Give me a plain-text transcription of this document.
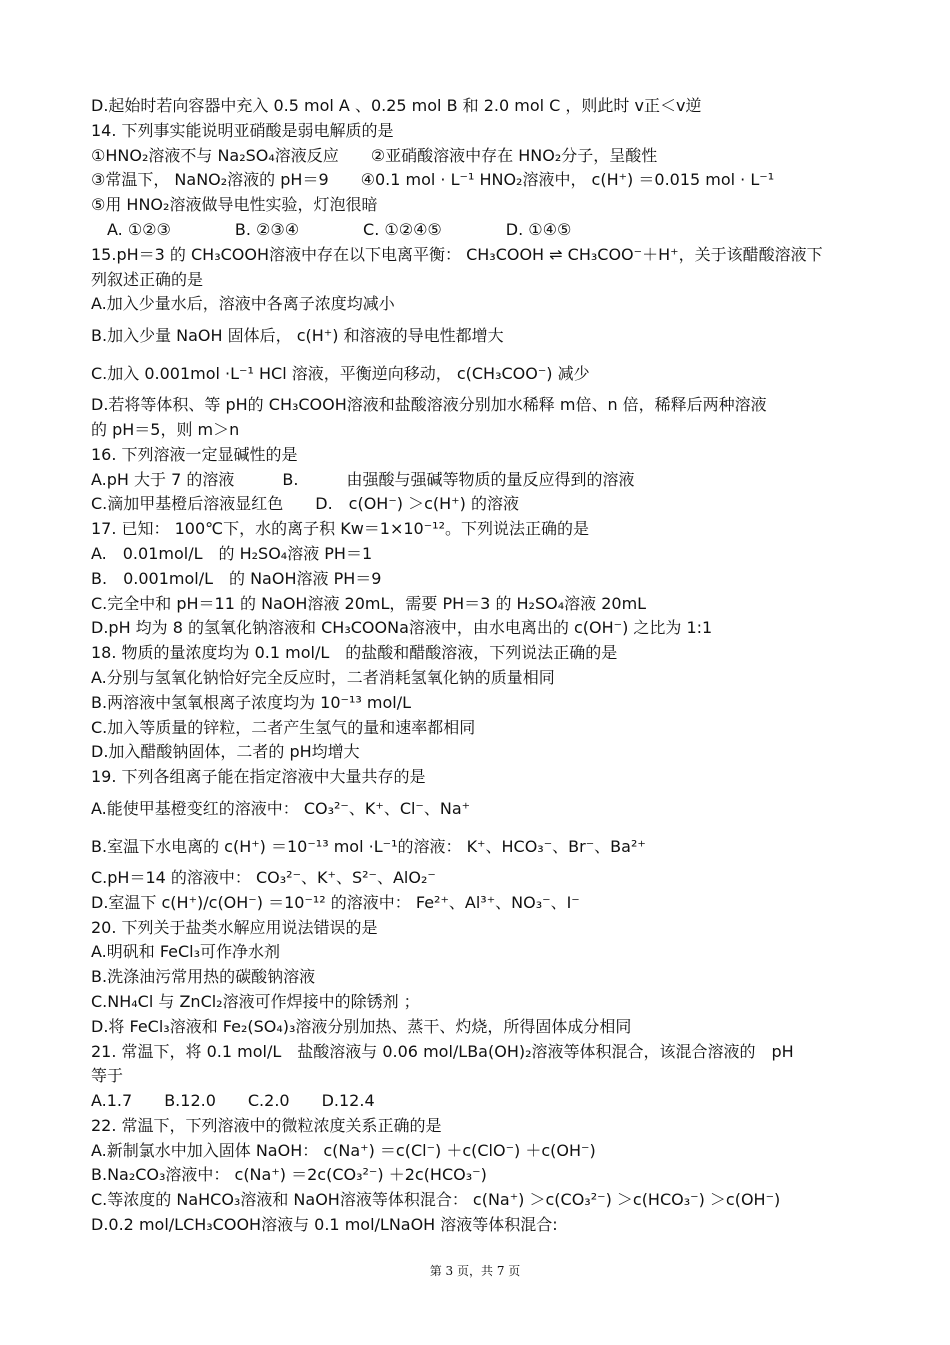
D.起始时若向容器中充入 0.5 mol A 、0.25 mol B 和 2.0 mol C ，则此时 v正＜v逆
14. 下列事实能说明亚硝酸是弱电解质的是
①HNO₂溶液不与 Na₂SO₄溶液反应　　②亚硝酸溶液中存在 HNO₂分子，呈酸性
③常温下， NaNO₂溶液的 pH＝9　　④0.1 mol · L⁻¹ HNO₂溶液中， c(H⁺) ＝0.015 mol · L⁻¹
⑤用 HNO₂溶液做导电性实验，灯泡很暗
　A. ①②③　　　　B. ②③④　　　　C. ①②④⑤　　　　D. ①④⑤
15.pH＝3 的 CH₃COOH溶液中存在以下电离平衡： CH₃COOH ⇌ CH₃COO⁻＋H⁺，关于该醋酸溶液下
列叙述正确的是
A.加入少量水后，溶液中各离子浓度均减小
B.加入少量 NaOH 固体后， c(H⁺) 和溶液的导电性都增大
C.加入 0.001mol ·L⁻¹ HCl 溶液，平衡逆向移动， c(CH₃COO⁻) 减少
D.若将等体积、等 pH的 CH₃COOH溶液和盐酸溶液分别加水稀释 m倍、n 倍，稀释后两种溶液
的 pH＝5，则 m＞n
16. 下列溶液一定显碱性的是
A.pH 大于 7 的溶液　　　B.　　　由强酸与强碱等物质的量反应得到的溶液
C.滴加甲基橙后溶液显红色　　D.　c(OH⁻) ＞c(H⁺) 的溶液
17. 已知： 100℃下，水的离子积 Kw＝1×10⁻¹²。下列说法正确的是
A.　0.01mol/L　的 H₂SO₄溶液 PH＝1
B.　0.001mol/L　的 NaOH溶液 PH＝9
C.完全中和 pH＝11 的 NaOH溶液 20mL，需要 PH＝3 的 H₂SO₄溶液 20mL
D.pH 均为 8 的氢氧化钠溶液和 CH₃COONa溶液中，由水电离出的 c(OH⁻) 之比为 1:1
18. 物质的量浓度均为 0.1 mol/L　的盐酸和醋酸溶液，下列说法正确的是
A.分别与氢氧化钠恰好完全反应时，二者消耗氢氧化钠的质量相同
B.两溶液中氢氧根离子浓度均为 10⁻¹³ mol/L
C.加入等质量的锌粒，二者产生氢气的量和速率都相同
D.加入醋酸钠固体，二者的 pH均增大
19. 下列各组离子能在指定溶液中大量共存的是
A.能使甲基橙变红的溶液中： CO₃²⁻、K⁺、Cl⁻、Na⁺
B.室温下水电离的 c(H⁺) ＝10⁻¹³ mol ·L⁻¹的溶液： K⁺、HCO₃⁻、Br⁻、Ba²⁺
C.pH＝14 的溶液中： CO₃²⁻、K⁺、S²⁻、AlO₂⁻
D.室温下 c(H⁺)/c(OH⁻) ＝10⁻¹² 的溶液中： Fe²⁺、Al³⁺、NO₃⁻、I⁻
20. 下列关于盐类水解应用说法错误的是
A.明矾和 FeCl₃可作净水剂
B.洗涤油污常用热的碳酸钠溶液
C.NH₄Cl 与 ZnCl₂溶液可作焊接中的除锈剂 ；
D.将 FeCl₃溶液和 Fe₂(SO₄)₃溶液分别加热、蒸干、灼烧，所得固体成分相同
21. 常温下，将 0.1 mol/L　盐酸溶液与 0.06 mol/LBa(OH)₂溶液等体积混合，该混合溶液的　pH
等于
A.1.7　　B.12.0　　C.2.0　　D.12.4
22. 常温下，下列溶液中的微粒浓度关系正确的是
A.新制氯水中加入固体 NaOH： c(Na⁺) ＝c(Cl⁻) ＋c(ClO⁻) ＋c(OH⁻)
B.Na₂CO₃溶液中： c(Na⁺) ＝2c(CO₃²⁻) ＋2c(HCO₃⁻)
C.等浓度的 NaHCO₃溶液和 NaOH溶液等体积混合： c(Na⁺) ＞c(CO₃²⁻) ＞c(HCO₃⁻) ＞c(OH⁻)
D.0.2 mol/LCH₃COOH溶液与 0.1 mol/LNaOH 溶液等体积混合:
第 3 页，共 7 页
